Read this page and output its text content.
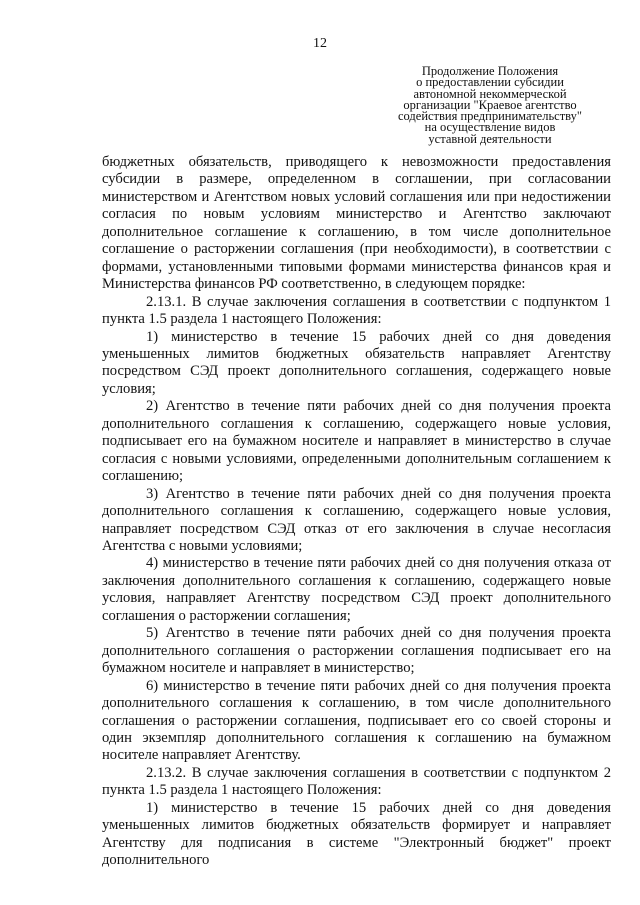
12
Продолжение Положения
о предоставлении субсидии
автономной некоммерческой
организации "Краевое агентство
содействия предпринимательству"
на осуществление видов
уставной деятельности

бюджетных обязательств, приводящего к невозможности предоставления субсидии в размере, определенном в соглашении, при согласовании министерством и Агентством новых условий соглашения или при недостижении согласия по новым условиям министерство и Агентство заключают дополнительное соглашение к соглашению, в том числе дополнительное соглашение о расторжении соглашения (при необходимости), в соответствии с формами, установленными типовыми формами министерства финансов края и Министерства финансов РФ соответственно, в следующем порядке:

2.13.1. В случае заключения соглашения в соответствии с подпунктом 1 пункта 1.5 раздела 1 настоящего Положения:

1) министерство в течение 15 рабочих дней со дня доведения уменьшенных лимитов бюджетных обязательств направляет Агентству посредством СЭД проект дополнительного соглашения, содержащего новые условия;

2) Агентство в течение пяти рабочих дней со дня получения проекта дополнительного соглашения к соглашению, содержащего новые условия, подписывает его на бумажном носителе и направляет в министерство в случае согласия с новыми условиями, определенными дополнительным соглашением к соглашению;

3) Агентство в течение пяти рабочих дней со дня получения проекта дополнительного соглашения к соглашению, содержащего новые условия, направляет посредством СЭД отказ от его заключения в случае несогласия Агентства с новыми условиями;

4) министерство в течение пяти рабочих дней со дня получения отказа от заключения дополнительного соглашения к соглашению, содержащего новые условия, направляет Агентству посредством СЭД проект дополнительного соглашения о расторжении соглашения;

5) Агентство в течение пяти рабочих дней со дня получения проекта дополнительного соглашения о расторжении соглашения подписывает его на бумажном носителе и направляет в министерство;

6) министерство в течение пяти рабочих дней со дня получения проекта дополнительного соглашения к соглашению, в том числе дополнительного соглашения о расторжении соглашения, подписывает его со своей стороны и один экземпляр дополнительного соглашения к соглашению на бумажном носителе направляет Агентству.

2.13.2. В случае заключения соглашения в соответствии с подпунктом 2 пункта 1.5 раздела 1 настоящего Положения:

1) министерство в течение 15 рабочих дней со дня доведения уменьшенных лимитов бюджетных обязательств формирует и направляет Агентству для подписания в системе "Электронный бюджет" проект дополнительного
